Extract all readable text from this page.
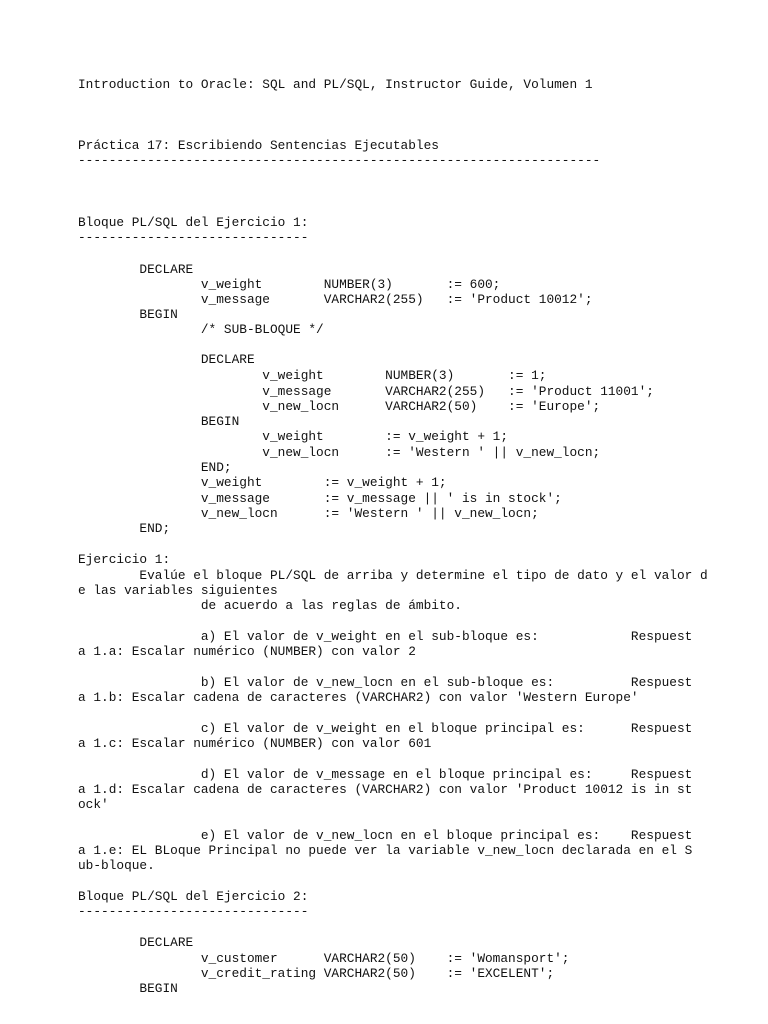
Introduction to Oracle: SQL and PL/SQL, Instructor Guide, Volumen 1

Práctica 17: Escribiendo Sentencias Ejecutables

--------------------------------------------------------------------

Bloque PL/SQL del Ejercicio 1:

------------------------------

DECLARE

v_weight        NUMBER(3)       := 600;

v_message       VARCHAR2(255)   := 'Product 10012';

BEGIN

/* SUB-BLOQUE */

DECLARE

v_weight        NUMBER(3)       := 1;

v_message       VARCHAR2(255)   := 'Product 11001';

v_new_locn      VARCHAR2(50)    := 'Europe';

BEGIN

v_weight        := v_weight + 1;

v_new_locn      := 'Western ' || v_new_locn;

END;

v_weight        := v_weight + 1;

v_message       := v_message || ' is in stock';

v_new_locn      := 'Western ' || v_new_locn;

END;

Ejercicio 1:

Evalúe el bloque PL/SQL de arriba y determine el tipo de dato y el valor d

e las variables siguientes

de acuerdo a las reglas de ámbito.

a) El valor de v_weight en el sub-bloque es:            Respuest

a 1.a: Escalar numérico (NUMBER) con valor 2

b) El valor de v_new_locn en el sub-bloque es:          Respuest

a 1.b: Escalar cadena de caracteres (VARCHAR2) con valor 'Western Europe'

c) El valor de v_weight en el bloque principal es:      Respuest

a 1.c: Escalar numérico (NUMBER) con valor 601

d) El valor de v_message en el bloque principal es:     Respuest

a 1.d: Escalar cadena de caracteres (VARCHAR2) con valor 'Product 10012 is in st

ock'

e) El valor de v_new_locn en el bloque principal es:    Respuest

a 1.e: EL BLoque Principal no puede ver la variable v_new_locn declarada en el S

ub-bloque.

Bloque PL/SQL del Ejercicio 2:

------------------------------

DECLARE

v_customer      VARCHAR2(50)    := 'Womansport';

v_credit_rating VARCHAR2(50)    := 'EXCELENT';

BEGIN
